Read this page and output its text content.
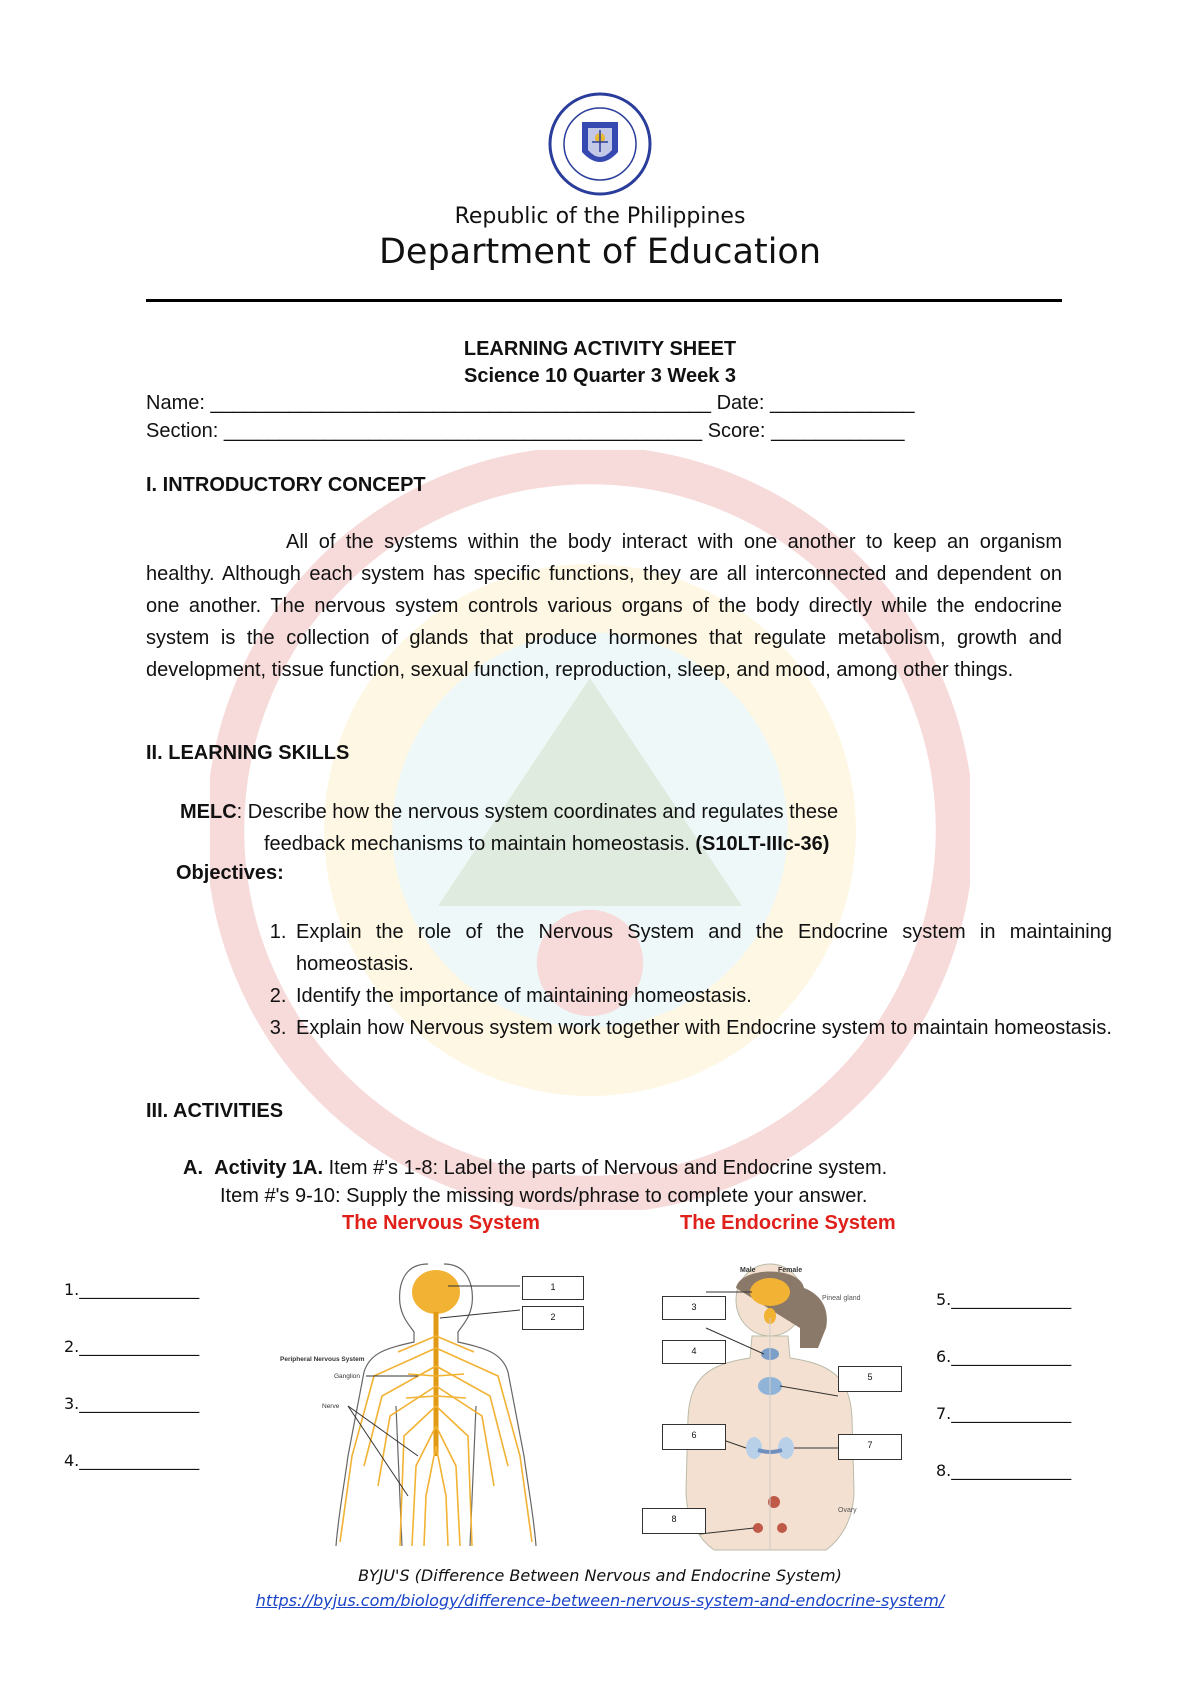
Republic of the Philippines
Department of Education
LEARNING ACTIVITY SHEET
Science 10 Quarter 3 Week 3
Name: _____________________________________________ Date: _____________
Section: ___________________________________________ Score: ____________
I. INTRODUCTORY CONCEPT

All of the systems within the body interact with one another to keep an organism healthy. Although each system has specific functions, they are all interconnected and dependent on one another. The nervous system controls various organs of the body directly while the endocrine system is the collection of glands that produce hormones that regulate metabolism, growth and development, tissue function, sexual function, reproduction, sleep, and mood, among other things.

II. LEARNING SKILLS
MELC: Describe how the nervous system coordinates and regulates these
feedback mechanisms to maintain homeostasis. (S10LT-IIIc-36)
Objectives:
1. Explain the role of the Nervous System and the Endocrine system in maintaining homeostasis.
2. Identify the importance of maintaining homeostasis.
3. Explain how Nervous system work together with Endocrine system to maintain homeostasis.
III. ACTIVITIES
A. Activity 1A. Item #'s 1-8: Label the parts of Nervous and Endocrine system.
Item #'s 9-10: Supply the missing words/phrase to complete your answer.
The Nervous System	The Endocrine System
1._______________
2._______________
3._______________
4._______________
5._______________
6._______________
7._______________
8._______________
Peripheral Nervous System
Ganglion
Nerve
1
2
Male	Female
Pineal gland
Ovary
3
4
5
6
7
8
BYJU'S (Difference Between Nervous and Endocrine System)
https://byjus.com/biology/difference-between-nervous-system-and-endocrine-system/
